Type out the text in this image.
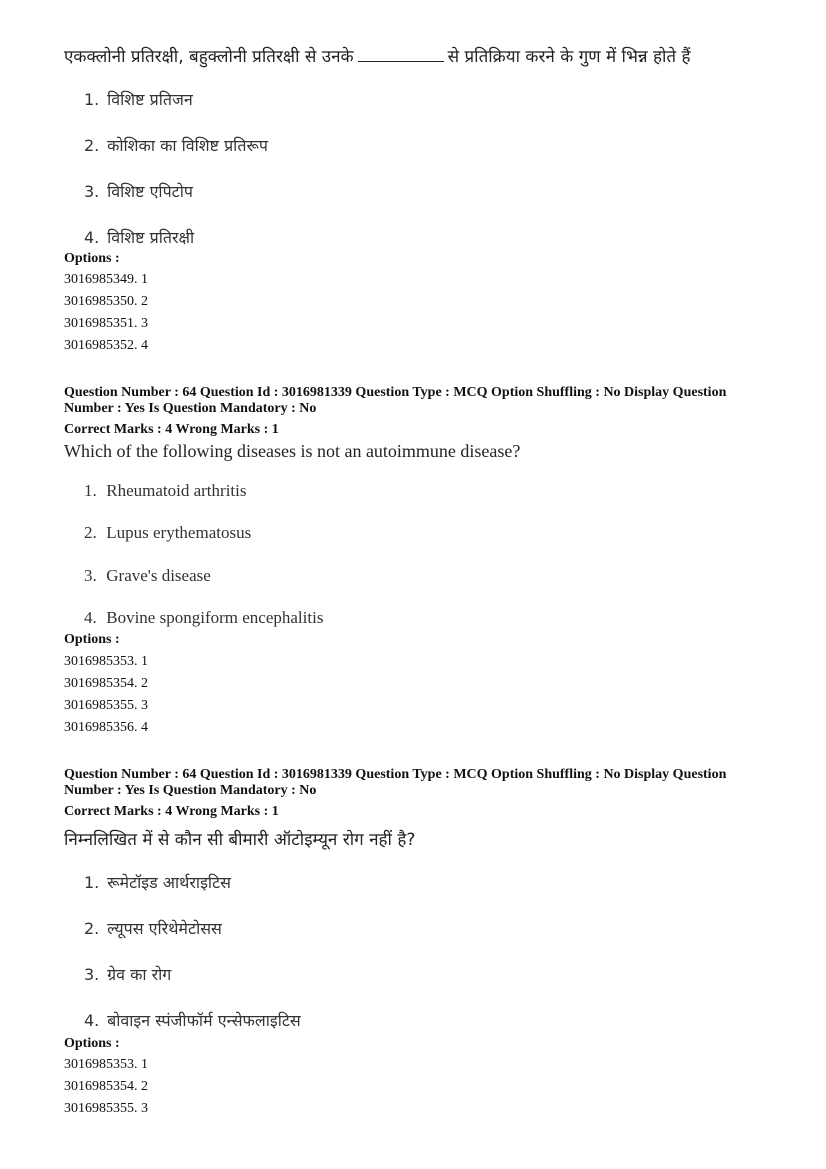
एकक्लोनी प्रतिरक्षी, बहुक्लोनी प्रतिरक्षी से उनके	से प्रतिक्रिया करने के गुण में भिन्न होते हैं
1. विशिष्ट प्रतिजन
2. कोशिका का विशिष्ट प्रतिरूप
3. विशिष्ट एपिटोप
4. विशिष्ट प्रतिरक्षी
Options :
3016985349. 1
3016985350. 2
3016985351. 3
3016985352. 4
Question Number : 64 Question Id : 3016981339 Question Type : MCQ Option Shuffling : No Display Question
Number : Yes Is Question Mandatory : No
Correct Marks : 4 Wrong Marks : 1
Which of the following diseases is not an autoimmune disease?
1. Rheumatoid arthritis
2. Lupus erythematosus
3. Grave's disease
4. Bovine spongiform encephalitis
Options :
3016985353. 1
3016985354. 2
3016985355. 3
3016985356. 4
Question Number : 64 Question Id : 3016981339 Question Type : MCQ Option Shuffling : No Display Question
Number : Yes Is Question Mandatory : No
Correct Marks : 4 Wrong Marks : 1
निम्नलिखित में से कौन सी बीमारी ऑटोइम्यून रोग नहीं है?
1. रूमेटॉइड आर्थराइटिस
2. ल्यूपस एरिथेमेटोसस
3. ग्रेव का रोग
4. बोवाइन स्पंजीफॉर्म एन्सेफलाइटिस
Options :
3016985353. 1
3016985354. 2
3016985355. 3
